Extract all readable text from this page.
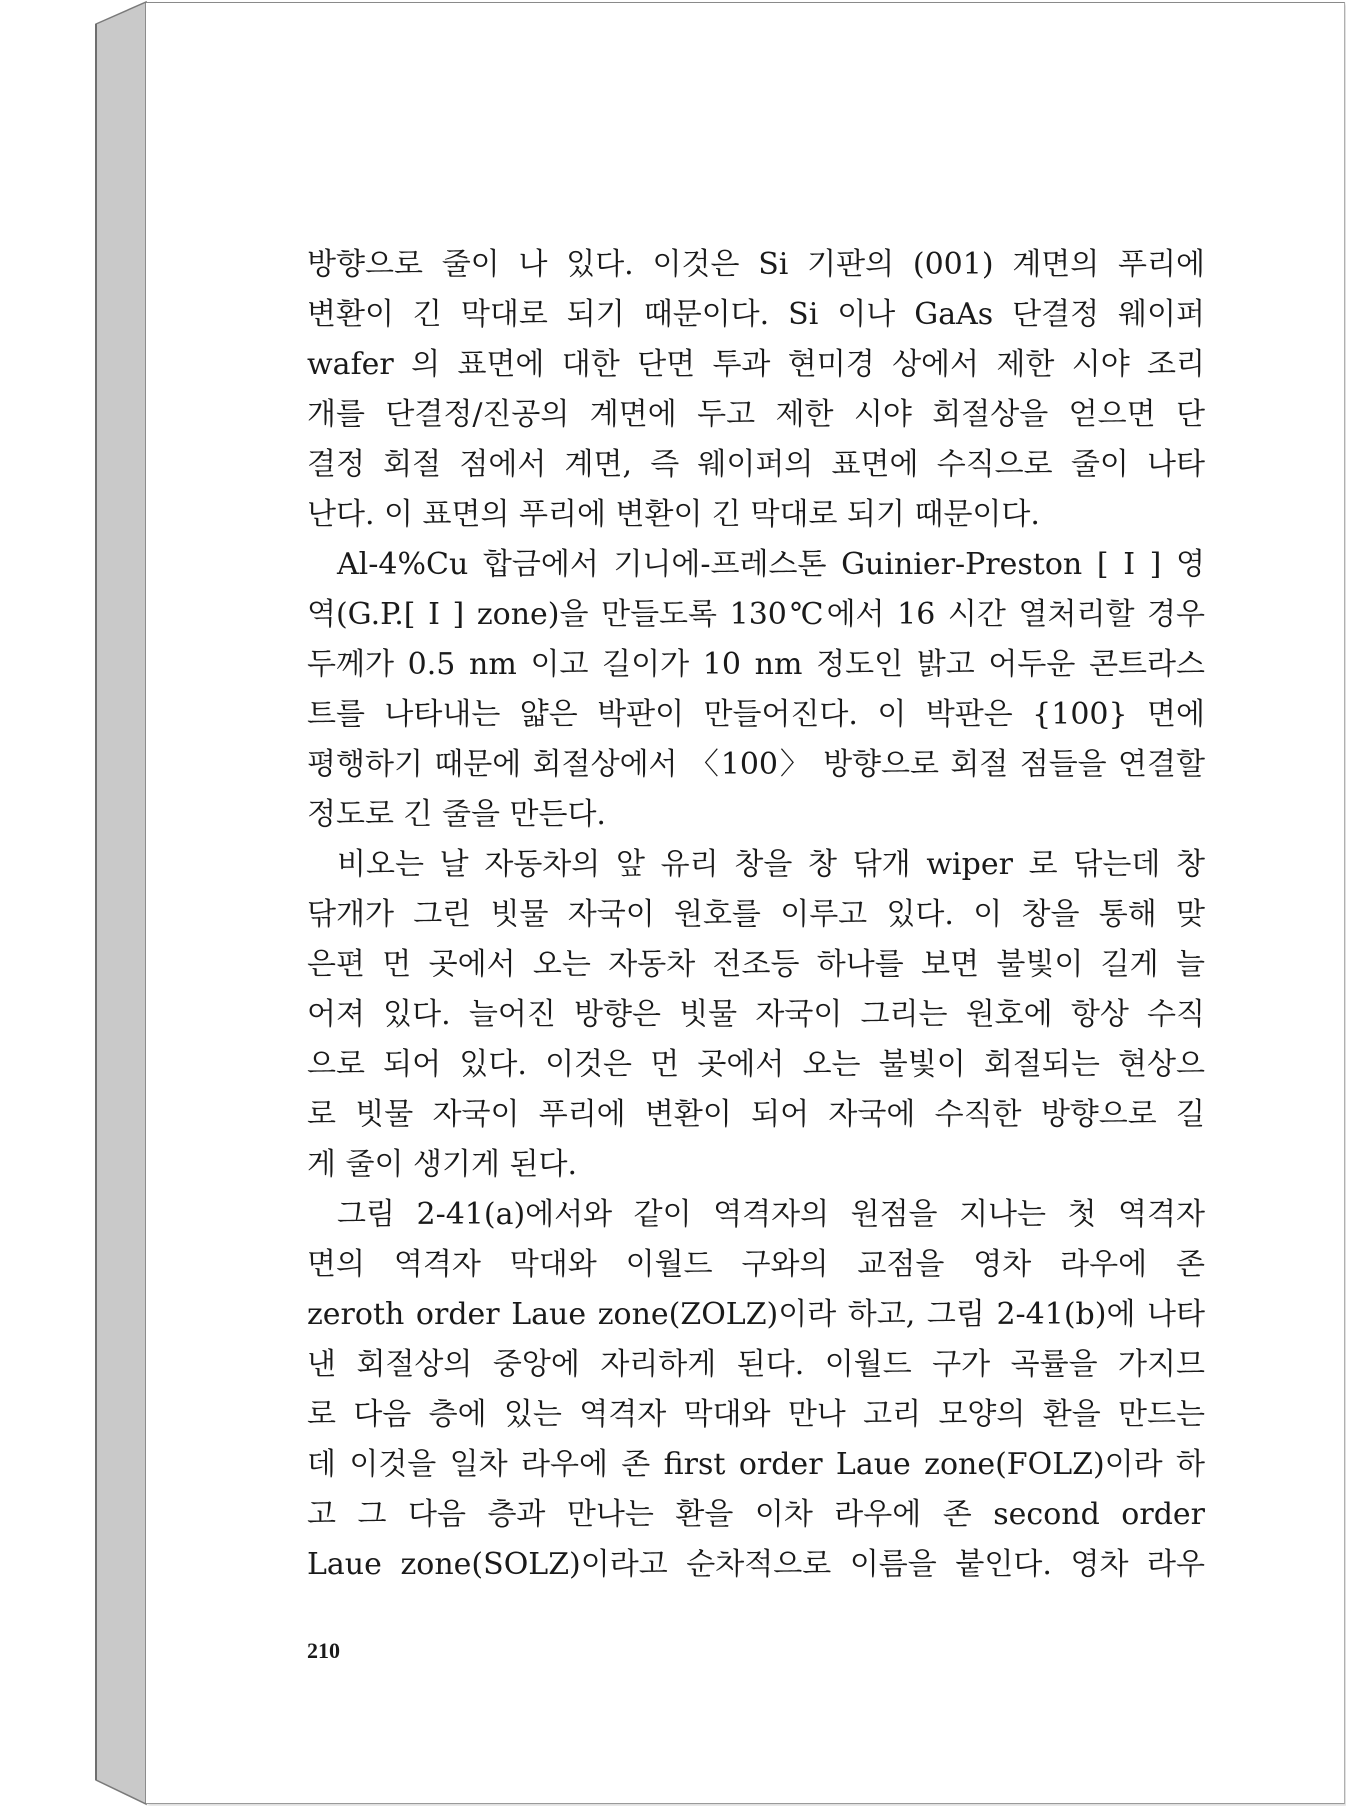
방향으로 줄이 나 있다. 이것은 Si 기판의 (001) 계면의 푸리에
변환이 긴 막대로 되기 때문이다. Si 이나 GaAs 단결정 웨이퍼
wafer 의 표면에 대한 단면 투과 현미경 상에서 제한 시야 조리
개를 단결정/진공의 계면에 두고 제한 시야 회절상을 얻으면 단
결정 회절 점에서 계면, 즉 웨이퍼의 표면에 수직으로 줄이 나타
난다. 이 표면의 푸리에 변환이 긴 막대로 되기 때문이다.
Al-4%Cu 합금에서 기니에-프레스톤 Guinier-Preston [ I ] 영
역(G.P.[ I ] zone)을 만들도록 130℃에서 16 시간 열처리할 경우
두께가 0.5 nm 이고 길이가 10 nm 정도인 밝고 어두운 콘트라스
트를 나타내는 얇은 박판이 만들어진다. 이 박판은 {100} 면에
평행하기 때문에 회절상에서 〈100〉 방향으로 회절 점들을 연결할
정도로 긴 줄을 만든다.
비오는 날 자동차의 앞 유리 창을 창 닦개 wiper 로 닦는데 창
닦개가 그린 빗물 자국이 원호를 이루고 있다. 이 창을 통해 맞
은편 먼 곳에서 오는 자동차 전조등 하나를 보면 불빛이 길게 늘
어져 있다. 늘어진 방향은 빗물 자국이 그리는 원호에 항상 수직
으로 되어 있다. 이것은 먼 곳에서 오는 불빛이 회절되는 현상으
로 빗물 자국이 푸리에 변환이 되어 자국에 수직한 방향으로 길
게 줄이 생기게 된다.
그림 2-41(a)에서와 같이 역격자의 원점을 지나는 첫 역격자
면의 역격자 막대와 이월드 구와의 교점을 영차 라우에 존
zeroth order Laue zone(ZOLZ)이라 하고, 그림 2-41(b)에 나타
낸 회절상의 중앙에 자리하게 된다. 이월드 구가 곡률을 가지므
로 다음 층에 있는 역격자 막대와 만나 고리 모양의 환을 만드는
데 이것을 일차 라우에 존 first order Laue zone(FOLZ)이라 하
고 그 다음 층과 만나는 환을 이차 라우에 존 second order
Laue zone(SOLZ)이라고 순차적으로 이름을 붙인다. 영차 라우
210
